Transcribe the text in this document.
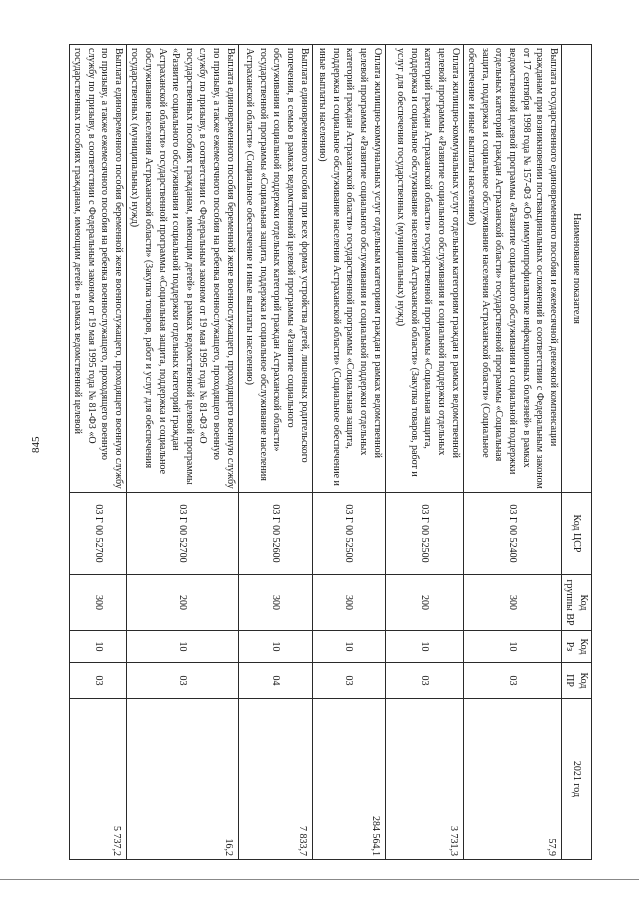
845
Наименование показателя	Код ЦСР	Код группы ВР	Код Рз	Код ПР	2021 год
Выплата государственного единовременного пособия и ежемесячной денежной компенсации гражданам при возникновении поствакцинальных осложнений в соответствии с Федеральным законом от 17 сентября 1998 года № 157-ФЗ «Об иммунопрофилактике инфекционных болезней» в рамках ведомственной целевой программы «Развитие социального обслуживания и социальной поддержки отдельных категорий граждан Астраханской области» государственной программы «Социальная защита, поддержка и социальное обслуживание населения Астраханской области» (Социальное обеспечение и иные выплаты населению)	03 Г 00 52400	300	10	03	57,9
Оплата жилищно-коммунальных услуг отдельным категориям граждан в рамках ведомственной целевой программы «Развитие социального обслуживания и социальной поддержки отдельных категорий граждан Астраханской области» государственной программы «Социальная защита, поддержка и социальное обслуживание населения Астраханской области» (Закупка товаров, работ и услуг для обеспечения государственных (муниципальных) нужд)	03 Г 00 52500	200	10	03	3 731,3
Оплата жилищно-коммунальных услуг отдельным категориям граждан в рамках ведомственной целевой программы «Развитие социального обслуживания и социальной поддержки отдельных категорий граждан Астраханской области» государственной программы «Социальная защита, поддержка и социальное обслуживание населения Астраханской области» (Социальное обеспечение и иные выплаты населению)	03 Г 00 52500	300	10	03	284 564,1
Выплата единовременного пособия при всех формах устройства детей, лишенных родительского попечения, в семью в рамках ведомственной целевой программы «Развитие социального обслуживания и социальной поддержки отдельных категорий граждан Астраханской области» государственной программы «Социальная защита, поддержка и социальное обслуживание населения Астраханской области» (Социальное обеспечение и иные выплаты населению)	03 Г 00 52600	300	10	04	7 833,7
Выплата единовременного пособия беременной жене военнослужащего, проходящего военную службу по призыву, а также ежемесячного пособия на ребенка военнослужащего, проходящего военную службу по призыву, в соответствии с Федеральным законом от 19 мая 1995 года № 81-ФЗ «О государственных пособиях гражданам, имеющим детей» в рамках ведомственной целевой программы «Развитие социального обслуживания и социальной поддержки отдельных категорий граждан Астраханской области» государственной программы «Социальная защита, поддержка и социальное обслуживание населения Астраханской области» (Закупка товаров, работ и услуг для обеспечения государственных (муниципальных) нужд)	03 Г 00 52700	200	10	03	16,2
Выплата единовременного пособия беременной жене военнослужащего, проходящего военную службу по призыву, а также ежемесячного пособия на ребенка военнослужащего, проходящего военную службу по призыву, в соответствии с Федеральным законом от 19 мая 1995 года № 81-ФЗ «О государственных пособиях гражданам, имеющим детей» в рамках ведомственной целевой	03 Г 00 52700	300	10	03	5 737,2
